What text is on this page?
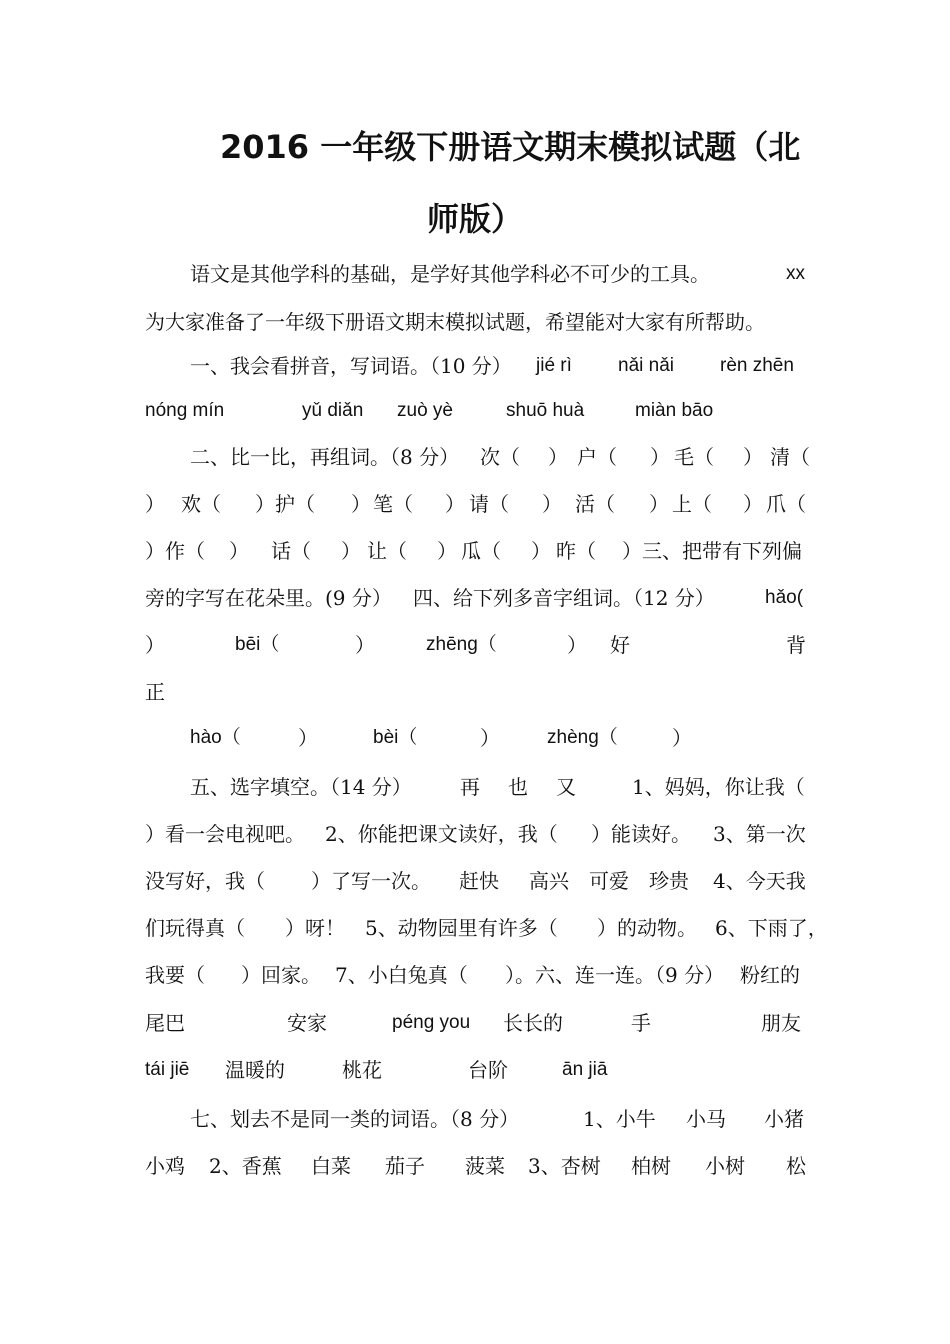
2016 一年级下册语文期末模拟试题（北
师版）
语文是其他学科的基础，是学好其他学科必不可少的工具。	xx
为大家准备了一年级下册语文期末模拟试题，希望能对大家有所帮助。
一、我会看拼音，写词语。（10 分） jié rì nǎi nǎi rèn zhēn
nóng mín	yǔ diǎn zuò yè	shuō huà	miàn bāo
二、比一比，再组词。（8 分） 次（ ） 户（ ） 毛（ ） 清（
） 欢（ ） 护（ ） 笔（ ） 请（ ） 活（ ） 上（ ） 爪（
）作（ ） 话（ ） 让（ ） 瓜（ ） 昨（ ）三、把带有下列偏
旁的字写在花朵里。(9 分） 四、给下列多音字组词。（12 分）	hǎo(
）	bēi（	）	zhēng（	） 好	背
正
hào（	）	bèi（	） zhèng（	）
五、选字填空。（14 分） 再 也 又	1、妈妈，你让我（
）看一会电视吧。 2、你能把课文读好，我（ ）能读好。 3、第一次
没写好，我（ ）了写一次。 赶快 高兴 可爱 珍贵 4、今天我
们玩得真（ ）呀！ 5、动物园里有许多（ ）的动物。 6、下雨了，
我要（ ）回家。 7、小白兔真（ ）。六、连一连。（9 分） 粉红的
尾巴	安家	péng you 长长的	手	朋友
tái jiē 温暖的	桃花	台阶	ān jiā
七、划去不是同一类的词语。（8 分）	1、小牛 小马 小猪
小鸡 2、香蕉 白菜 茄子 菠菜 3、杏树 柏树 小树 松
